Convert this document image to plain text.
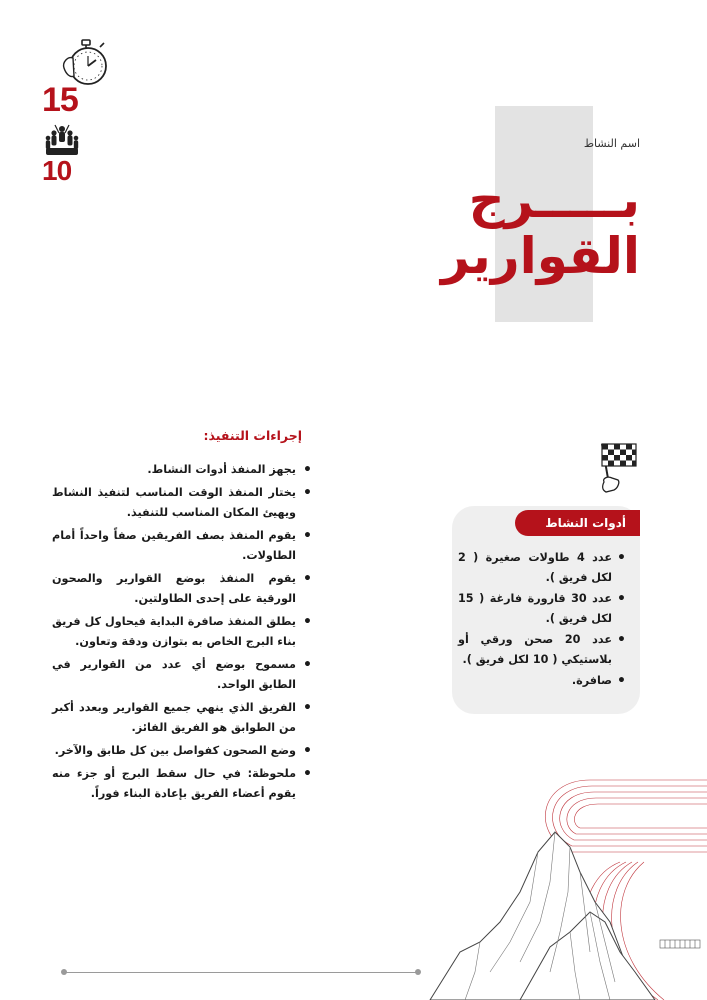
15
10
اسم النشاط
بـــــرج
القوارير
إجراءات التنفيذ:
• يجهز المنفذ أدوات النشاط.
• يختار المنفذ الوقت المناسب لتنفيذ النشاط ويهيئ المكان المناسب للتنفيذ.
• يقوم المنفذ بصف الفريقين صفاً واحداً أمام الطاولات.
• يقوم المنفذ بوضع القوارير والصحون الورقية على إحدى الطاولتين.
• يطلق المنفذ صافرة البداية فيحاول كل فريق بناء البرج الخاص به بتوازن ودقة وتعاون.
• مسموح بوضع أي عدد من القوارير في الطابق الواحد.
• الفريق الذي ينهي جميع القوارير وبعدد أكبر من الطوابق هو الفريق الفائز.
• وضع الصحون كفواصل بين كل طابق والآخر.
• ملحوظة: في حال سقط البرج أو جزء منه يقوم أعضاء الفريق بإعادة البناء فوراً.
أدوات النشاط
• عدد 4 طاولات صغيرة ( 2 لكل فريق ).
• عدد 30 قارورة فارغة ( 15 لكل فريق ).
• عدد 20 صحن ورقي أو بلاستيكي ( 10 لكل فريق ).
• صافرة.
